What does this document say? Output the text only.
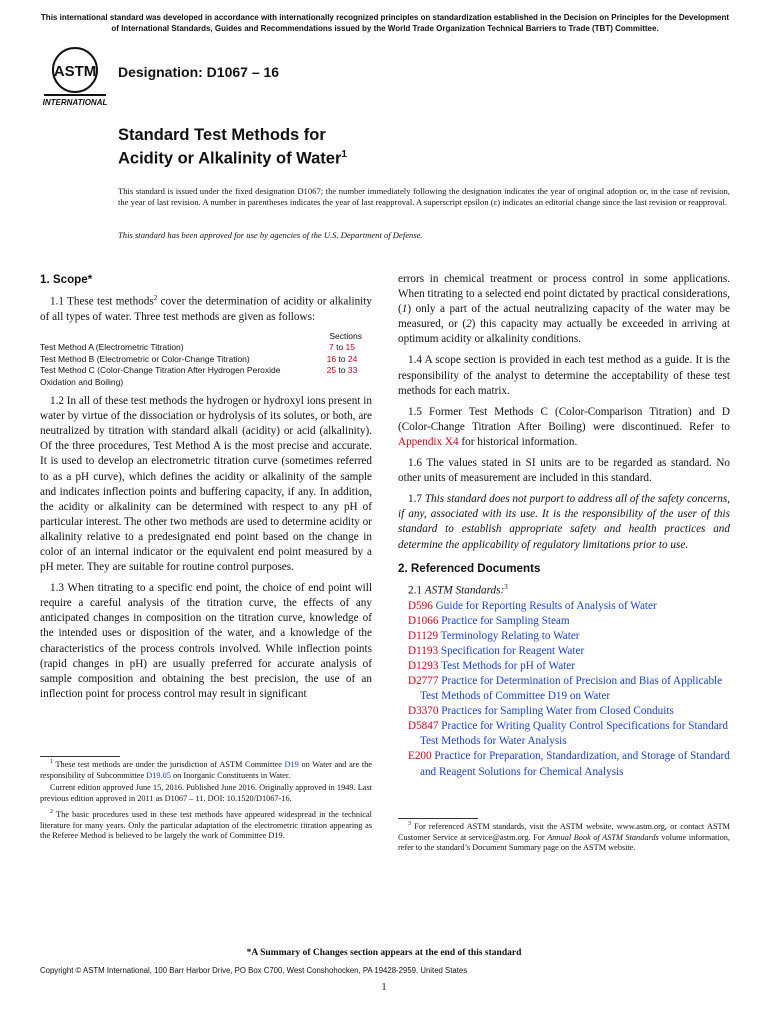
This international standard was developed in accordance with internationally recognized principles on standardization established in the Decision on Principles for the Development of International Standards, Guides and Recommendations issued by the World Trade Organization Technical Barriers to Trade (TBT) Committee.
ASTM
INTERNATIONAL
Designation: D1067 – 16
Standard Test Methods for
Acidity or Alkalinity of Water$^1$
This standard is issued under the fixed designation D1067; the number immediately following the designation indicates the year of original adoption or, in the case of revision, the year of last revision. A number in parentheses indicates the year of last reapproval. A superscript epsilon (ε) indicates an editorial change since the last revision or reapproval.
This standard has been approved for use by agencies of the U.S. Department of Defense.
1. Scope*

1.1 These test methods$^2$ cover the determination of acidity or alkalinity of all types of water. Three test methods are given as follows:

Sections
Test Method A (Electrometric Titration)	7 to 15
Test Method B (Electrometric or Color-Change Titration)	16 to 24
Test Method C (Color-Change Titration After Hydrogen Peroxide Oxidation and Boiling)
25 to 33

1.2 In all of these test methods the hydrogen or hydroxyl ions present in water by virtue of the dissociation or hydrolysis of its solutes, or both, are neutralized by titration with standard alkali (acidity) or acid (alkalinity). Of the three procedures, Test Method A is the most precise and accurate. It is used to develop an electrometric titration curve (sometimes referred to as a pH curve), which defines the acidity or alkalinity of the sample and indicates inflection points and buffering capacity, if any. In addition, the acidity or alkalinity can be determined with respect to any pH of particular interest. The other two methods are used to determine acidity or alkalinity relative to a predesignated end point based on the change in color of an internal indicator or the equivalent end point measured by a pH meter. They are suitable for routine control purposes.

1.3 When titrating to a specific end point, the choice of end point will require a careful analysis of the titration curve, the effects of any anticipated changes in composition on the titration curve, knowledge of the intended uses or disposition of the water, and a knowledge of the characteristics of the process controls involved. While inflection points (rapid changes in pH) are usually preferred for accurate analysis of sample composition and obtaining the best precision, the use of an inflection point for process control may result in significant

$^1$ These test methods are under the jurisdiction of ASTM Committee D19 on Water and are the responsibility of Subcommittee D19.05 on Inorganic Constituents in Water.

Current edition approved June 15, 2016. Published June 2016. Originally approved in 1949. Last previous edition approved in 2011 as D1067 – 11. DOI: 10.1520/D1067-16.

$^2$ The basic procedures used in these test methods have appeared widespread in the technical literature for many years. Only the particular adaptation of the electrometric titration appearing as the Referee Method is believed to be largely the work of Committee D19.

errors in chemical treatment or process control in some applications. When titrating to a selected end point dictated by practical considerations, (1) only a part of the actual neutralizing capacity of the water may be measured, or (2) this capacity may actually be exceeded in arriving at optimum acidity or alkalinity conditions.

1.4 A scope section is provided in each test method as a guide. It is the responsibility of the analyst to determine the acceptability of these test methods for each matrix.

1.5 Former Test Methods C (Color-Comparison Titration) and D (Color-Change Titration After Boiling) were discontinued. Refer to Appendix X4 for historical information.

1.6 The values stated in SI units are to be regarded as standard. No other units of measurement are included in this standard.

1.7 This standard does not purport to address all of the safety concerns, if any, associated with its use. It is the responsibility of the user of this standard to establish appropriate safety and health practices and determine the applicability of regulatory limitations prior to use.

2. Referenced Documents
2.1 ASTM Standards:$^3$
D596 Guide for Reporting Results of Analysis of Water
D1066 Practice for Sampling Steam
D1129 Terminology Relating to Water
D1193 Specification for Reagent Water
D1293 Test Methods for pH of Water
D2777 Practice for Determination of Precision and Bias of Applicable Test Methods of Committee D19 on Water
D3370 Practices for Sampling Water from Closed Conduits
D5847 Practice for Writing Quality Control Specifications for Standard Test Methods for Water Analysis
E200 Practice for Preparation, Standardization, and Storage of Standard and Reagent Solutions for Chemical Analysis

$^3$ For referenced ASTM standards, visit the ASTM website, www.astm.org, or contact ASTM Customer Service at service@astm.org. For Annual Book of ASTM Standards volume information, refer to the standard’s Document Summary page on the ASTM website.

*A Summary of Changes section appears at the end of this standard
Copyright © ASTM International, 100 Barr Harbor Drive, PO Box C700, West Conshohocken, PA 19428-2959. United States
1
